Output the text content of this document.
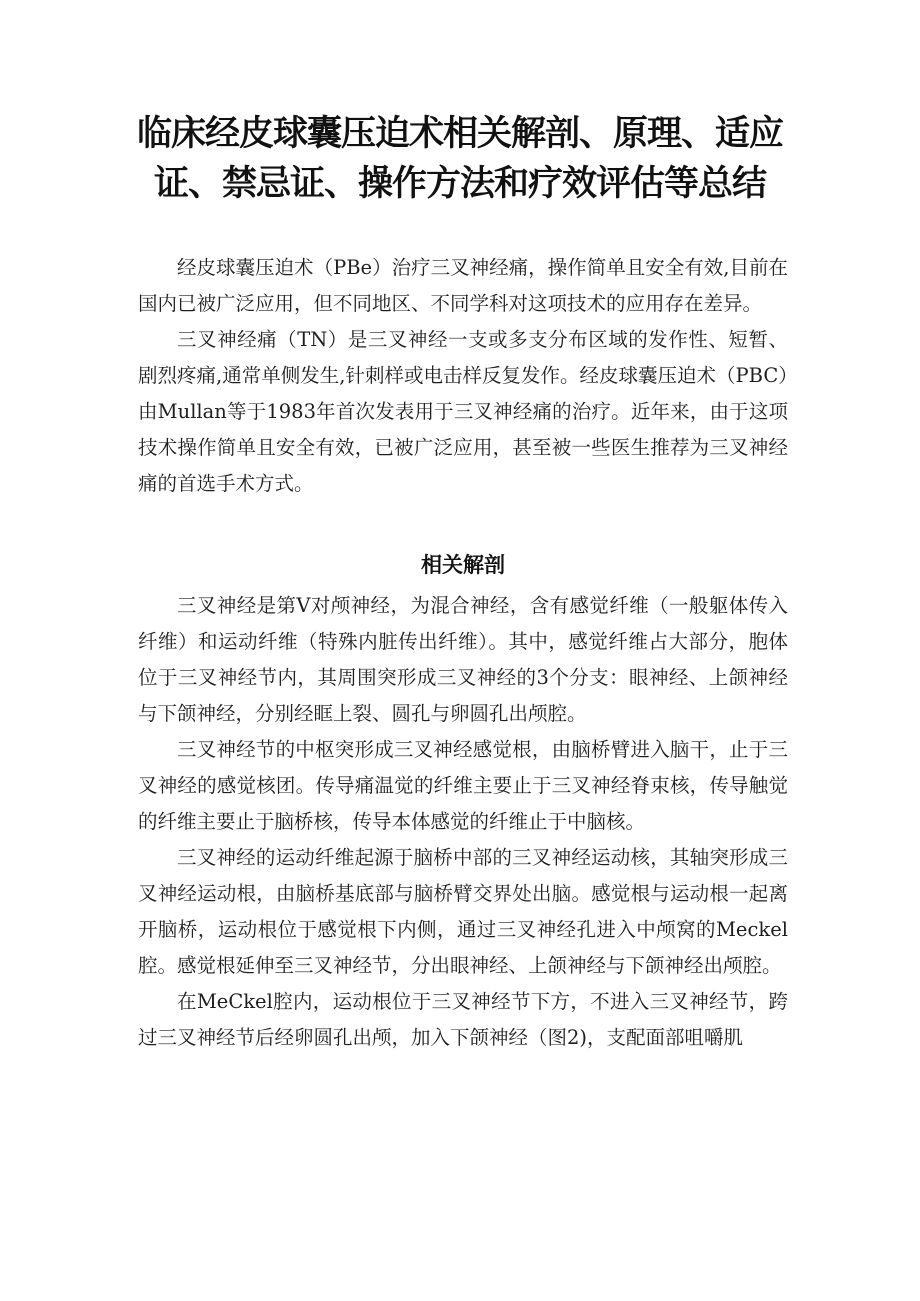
临床经皮球囊压迫术相关解剖、原理、适应
证、禁忌证、操作方法和疗效评估等总结

经皮球囊压迫术（PBe）治疗三叉神经痛，操作简单且安全有效,目前在国内已被广泛应用，但不同地区、不同学科对这项技术的应用存在差异。

三叉神经痛（TN）是三叉神经一支或多支分布区域的发作性、短暂、剧烈疼痛,通常单侧发生,针刺样或电击样反复发作。经皮球囊压迫术（PBC）由Mullan等于1983年首次发表用于三叉神经痛的治疗。近年来，由于这项技术操作简单且安全有效，已被广泛应用，甚至被一些医生推荐为三叉神经痛的首选手术方式。

相关解剖

三叉神经是第V对颅神经，为混合神经，含有感觉纤维（一般躯体传入纤维）和运动纤维（特殊内脏传出纤维）。其中，感觉纤维占大部分，胞体位于三叉神经节内，其周围突形成三叉神经的3个分支：眼神经、上颌神经与下颌神经，分别经眶上裂、圆孔与卵圆孔出颅腔。

三叉神经节的中枢突形成三叉神经感觉根，由脑桥臂进入脑干，止于三叉神经的感觉核团。传导痛温觉的纤维主要止于三叉神经脊束核，传导触觉的纤维主要止于脑桥核，传导本体感觉的纤维止于中脑核。

三叉神经的运动纤维起源于脑桥中部的三叉神经运动核，其轴突形成三叉神经运动根，由脑桥基底部与脑桥臂交界处出脑。感觉根与运动根一起离开脑桥，运动根位于感觉根下内侧，通过三叉神经孔进入中颅窝的Meckel腔。感觉根延伸至三叉神经节，分出眼神经、上颌神经与下颌神经出颅腔。

在MeCkel腔内，运动根位于三叉神经节下方，不进入三叉神经节，跨过三叉神经节后经卵圆孔出颅，加入下颌神经（图2)，支配面部咀嚼肌
